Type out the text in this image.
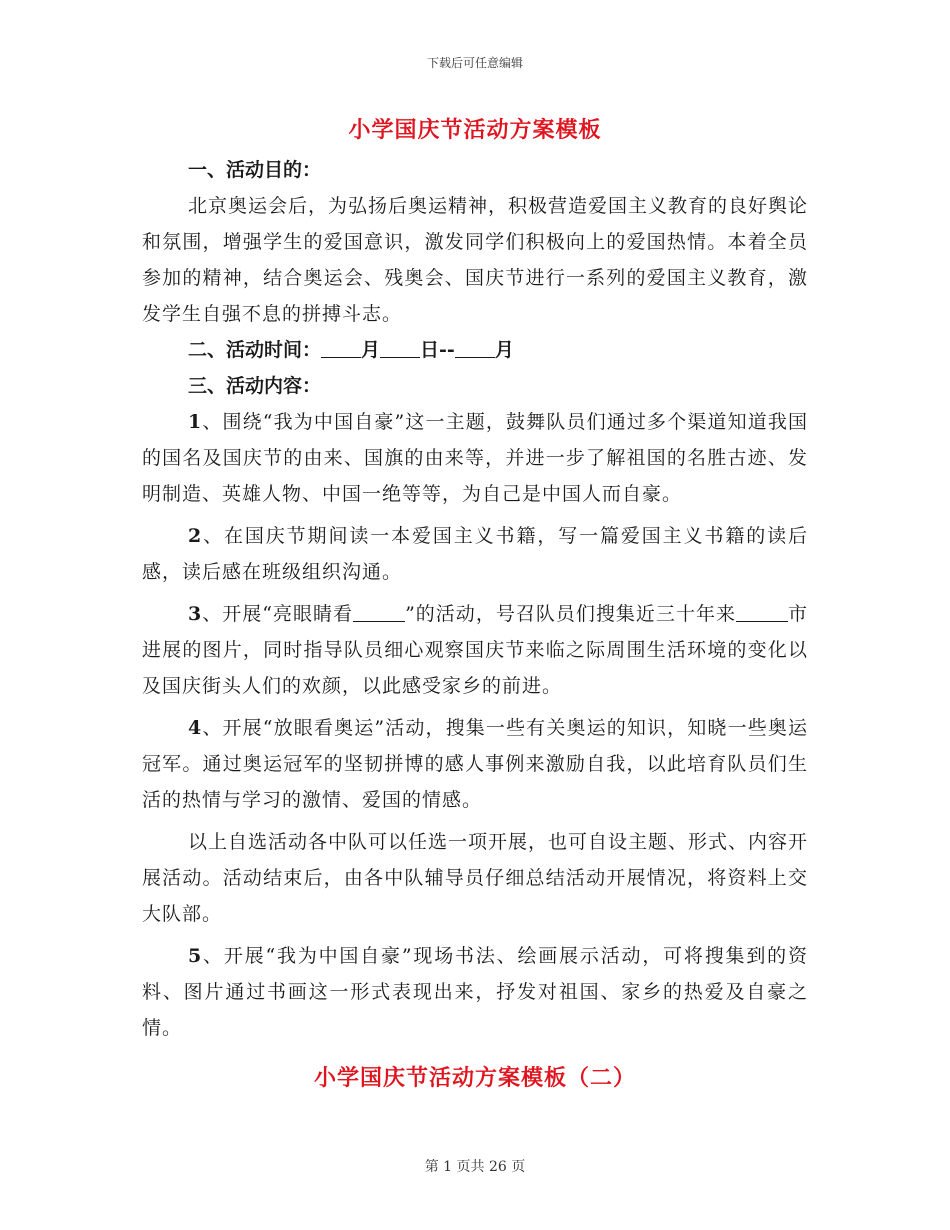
下载后可任意编辑
小学国庆节活动方案模板

一、活动目的：

北京奥运会后，为弘扬后奥运精神，积极营造爱国主义教育的良好舆论和氛围，增强学生的爱国意识，激发同学们积极向上的爱国热情。本着全员参加的精神，结合奥运会、残奥会、国庆节进行一系列的爱国主义教育，激发学生自强不息的拼搏斗志。

二、活动时间： 月 日-- 月

三、活动内容：

1、围绕“我为中国自豪”这一主题，鼓舞队员们通过多个渠道知道我国的国名及国庆节的由来、国旗的由来等，并进一步了解祖国的名胜古迹、发明制造、英雄人物、中国一绝等等，为自己是中国人而自豪。

2、在国庆节期间读一本爱国主义书籍，写一篇爱国主义书籍的读后感，读后感在班级组织沟通。

3、开展“亮眼睛看	”的活动，号召队员们搜集近三十年来	市进展的图片，同时指导队员细心观察国庆节来临之际周围生活环境的变化以及国庆街头人们的欢颜，以此感受家乡的前进。

4、开展“放眼看奥运”活动，搜集一些有关奥运的知识，知晓一些奥运冠军。通过奥运冠军的坚韧拼博的感人事例来激励自我，以此培育队员们生活的热情与学习的激情、爱国的情感。

以上自选活动各中队可以任选一项开展，也可自设主题、形式、内容开展活动。活动结束后，由各中队辅导员仔细总结活动开展情况，将资料上交大队部。

5、开展“我为中国自豪”现场书法、绘画展示活动，可将搜集到的资料、图片通过书画这一形式表现出来，抒发对祖国、家乡的热爱及自豪之情。

小学国庆节活动方案模板（二）
第 1 页共 26 页
